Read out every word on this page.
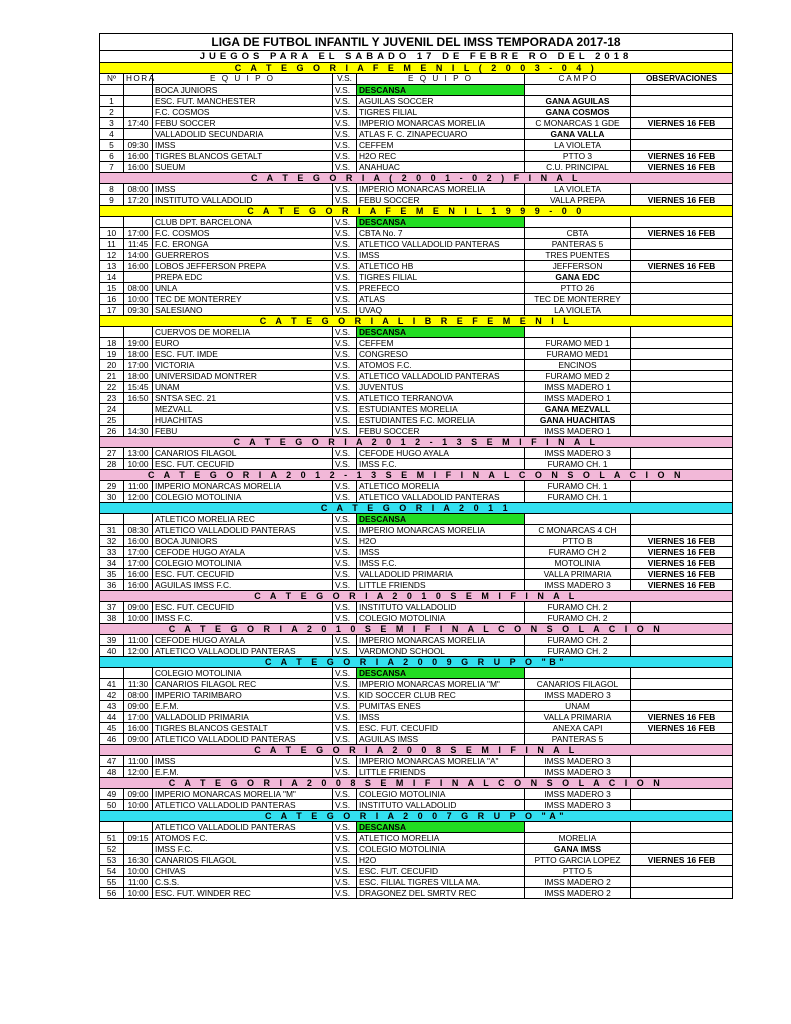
LIGA DE FUTBOL INFANTIL Y JUVENIL DEL IMSS TEMPORADA 2017-18						
JUEGOS PARA EL SABADO 17 DE FEBRE RO DEL 2018						
C A T E G O R I A F E M E N I L ( 2 0 0 3 - 0 4 )						
Nº	HORA	E Q U I P O	V.S.	E Q U I P O	C A M P O	OBSERVACIONES
		BOCA JUNIORS	V.S.	DESCANSA		
1		ESC. FUT. MANCHESTER	V.S.	AGUILAS SOCCER	GANA AGUILAS	
2		F.C. COSMOS	V.S.	TIGRES FILIAL	GANA COSMOS	
3	17:40	FEBU SOCCER	V.S.	IMPERIO MONARCAS MORELIA	C MONARCAS 1 GDE	VIERNES 16 FEB
4		VALLADOLID SECUNDARIA	V.S.	ATLAS F. C. ZINAPECUARO	GANA VALLA	
5	09:30	IMSS	V.S.	CEFFEM	LA VIOLETA	
6	16:00	TIGRES BLANCOS GETALT	V.S.	H2O REC	PTTO 3	VIERNES 16 FEB
7	16:00	SUEUM	V.S.	ANAHUAC	C.U. PRINCIPAL	VIERNES 16 FEB
C A T E G O R I A ( 2 0 0 1 - 0 2 ) F I N A L						
8	08:00	IMSS	V.S.	IMPERIO MONARCAS MORELIA	LA VIOLETA	
9	17:20	INSTITUTO VALLADOLID	V.S.	FEBU SOCCER	VALLA PREPA	VIERNES 16 FEB
C A T E G O R I A F E M E N I L 1 9 9 9 - 0 0						
		CLUB DPT. BARCELONA	V.S.	DESCANSA		
10	17:00	F.C. COSMOS	V.S.	CBTA No. 7	CBTA	VIERNES 16 FEB
11	11:45	F.C. ERONGA	V.S.	ATLETICO VALLADOLID PANTERAS	PANTERAS 5	
12	14:00	GUERREROS	V.S.	IMSS	TRES PUENTES	
13	16:00	LOBOS JEFFERSON PREPA	V.S.	ATLETICO HB	JEFFERSON	VIERNES 16 FEB
14		PREPA EDC	V.S.	TIGRES FILIAL	GANA EDC	
15	08:00	UNLA	V.S.	PREFECO	PTTO 26	
16	10:00	TEC DE MONTERREY	V.S.	ATLAS	TEC DE MONTERREY	
17	09:30	SALESIANO	V.S.	UVAQ	LA VIOLETA	
C A T E G O R I A L I B R E F E M E N I L						
		CUERVOS DE MORELIA	V.S.	DESCANSA		
18	19:00	EURO	V.S.	CEFFEM	FURAMO MED 1	
19	18:00	ESC. FUT. IMDE	V.S.	CONGRESO	FURAMO MED1	
20	17:00	VICTORIA	V.S.	ATOMOS F.C.	ENCINOS	
21	18:00	UNIVERSIDAD MONTRER	V.S.	ATLETICO VALLADOLID PANTERAS	FURAMO MED 2	
22	15:45	UNAM	V.S.	JUVENTUS	IMSS MADERO 1	
23	16:50	SNTSA SEC. 21	V.S.	ATLETICO TERRANOVA	IMSS MADERO 1	
24		MEZVALL	V.S.	ESTUDIANTES MORELIA	GANA MEZVALL	
25		HUACHITAS	V.S.	ESTUDIANTES F.C. MORELIA	GANA HUACHITAS	
26	14:30	FEBU	V.S.	FEBU SOCCER	IMSS MADERO 1	
C A T E G O R I A 2 0 1 2 - 1 3 S E M I F I N A L						
27	13:00	CANARIOS FILAGOL	V.S.	CEFODE HUGO AYALA	IMSS MADERO 3	
28	10:00	ESC. FUT. CECUFID	V.S.	IMSS F.C.	FURAMO CH. 1	
C A T E G O R I A 2 0 1 2 - 1 3 S E M I F I N A L C O N S O L A C I O N						
29	11:00	IMPERIO MONARCAS MORELIA	V.S.	ATLETICO MORELIA	FURAMO CH. 1	
30	12:00	COLEGIO MOTOLINIA	V.S.	ATLETICO VALLADOLID PANTERAS	FURAMO CH. 1	
C A T E G O R I A 2 0 1 1						
		ATLETICO MORELIA REC	V.S.	DESCANSA		
31	08:30	ATLETICO VALLADOLID PANTERAS	V.S.	IMPERIO MONARCAS MORELIA	C MONARCAS 4 CH	
32	16:00	BOCA JUNIORS	V.S.	H2O	PTTO B	VIERNES 16 FEB
33	17:00	CEFODE HUGO AYALA	V.S.	IMSS	FURAMO CH 2	VIERNES 16 FEB
34	17:00	COLEGIO MOTOLINIA	V.S.	IMSS F.C.	MOTOLINIA	VIERNES 16 FEB
35	16:00	ESC. FUT. CECUFID	V.S.	VALLADOLID PRIMARIA	VALLA PRIMARIA	VIERNES 16 FEB
36	16:00	AGUILAS IMSS F.C.	V.S.	LITTLE FRIENDS	IMSS MADERO 3	VIERNES 16 FEB
C A T E G O R I A 2 0 1 0 S E M I F I N A L						
37	09:00	ESC. FUT. CECUFID	V.S.	INSTITUTO VALLADOLID	FURAMO CH. 2	
38	10:00	IMSS F.C.	V.S.	COLEGIO MOTOLINIA	FURAMO CH. 2	
C A T E G O R I A 2 0 1 0 S E M I F I N A L C O N S O L A C I O N						
39	11:00	CEFODE HUGO AYALA	V.S.	IMPERIO MONARCAS MORELIA	FURAMO CH. 2	
40	12:00	ATLETICO VALLAODLID PANTERAS	V.S.	VARDMOND SCHOOL	FURAMO CH. 2	
C A T E G O R I A 2 0 0 9 G R U P O "B"						
		COLEGIO MOTOLINIA	V.S.	DESCANSA		
41	11:30	CANARIOS FILAGOL REC	V.S.	IMPERIO MONARCAS MORELIA "M"	CANARIOS FILAGOL	
42	08:00	IMPERIO TARIMBARO	V.S.	KID SOCCER CLUB REC	IMSS MADERO 3	
43	09:00	E.F.M.	V.S.	PUMITAS ENES	UNAM	
44	17:00	VALLADOLID PRIMARIA	V.S.	IMSS	VALLA PRIMARIA	VIERNES 16 FEB
45	16:00	TIGRES BLANCOS GESTALT	V.S.	ESC. FUT. CECUFID	ANEXA CAPI	VIERNES 16 FEB
46	09:00	ATLETICO VALLADOLID PANTERAS	V.S.	AGUILAS IMSS	PANTERAS 5	
C A T E G O R I A 2 0 0 8 S E M I F I N A L						
47	11:00	IMSS	V.S.	IMPERIO MONARCAS MORELIA "A"	IMSS MADERO 3	
48	12:00	E.F.M.	V.S.	LITTLE FRIENDS	IMSS MADERO 3	
C A T E G O R I A 2 0 0 8 S E M I F I N A L C O N S O L A C I O N						
49	09:00	IMPERIO MONARCAS MORELIA "M"	V.S.	COLEGIO MOTOLINIA	IMSS MADERO 3	
50	10:00	ATLETICO VALLADOLID PANTERAS	V.S.	INSTITUTO VALLADOLID	IMSS MADERO 3	
C A T E G O R I A 2 0 0 7 G R U P O "A"						
		ATLETICO VALLADOLID PANTERAS	V.S.	DESCANSA		
51	09:15	ATOMOS F.C.	V.S.	ATLETICO MORELIA	MORELIA	
52		IMSS F.C.	V.S.	COLEGIO MOTOLINIA	GANA IMSS	
53	16:30	CANARIOS FILAGOL	V.S.	H2O	PTTO GARCIA LOPEZ	VIERNES 16 FEB
54	10:00	CHIVAS	V.S.	ESC. FUT. CECUFID	PTTO 5	
55	11:00	C.S.S.	V.S.	ESC. FILIAL TIGRES VILLA MA.	IMSS MADERO 2	
56	10:00	ESC. FUT. WINDER REC	V.S.	DRAGONEZ DEL SMRTV REC	IMSS MADERO 2	
